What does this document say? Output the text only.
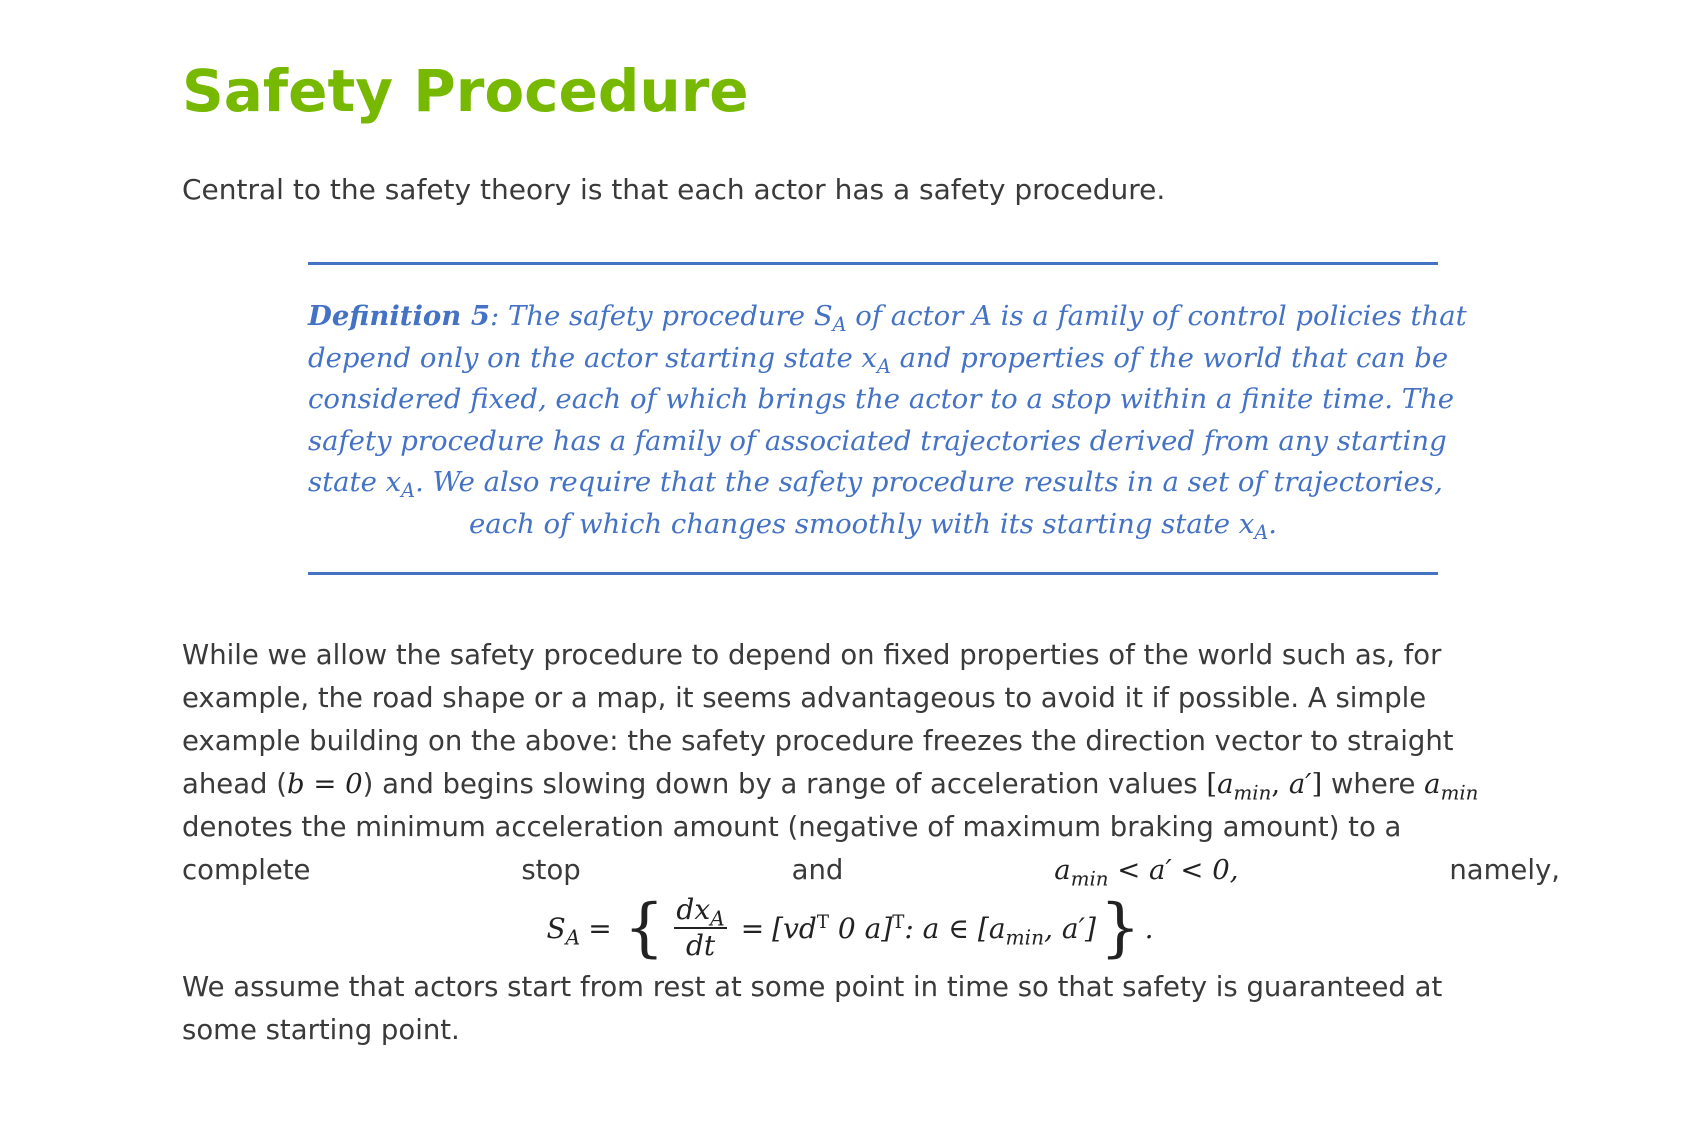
Safety Procedure

Central to the safety theory is that each actor has a safety procedure.

Definition 5: The safety procedure $S_A$ of actor A is a family of control policies that
depend only on the actor starting state $x_A$ and properties of the world that can be
considered fixed, each of which brings the actor to a stop within a finite time. The
safety procedure has a family of associated trajectories derived from any starting
state $x_A$. We also require that the safety procedure results in a set of trajectories,
each of which changes smoothly with its starting state $x_A$.
While we allow the safety procedure to depend on fixed properties of the world such as, for
example, the road shape or a map, it seems advantageous to avoid it if possible. A simple
example building on the above: the safety procedure freezes the direction vector to straight
ahead (b = 0) and begins slowing down by a range of acceleration values [$a_{min}$, a′] where $a_{min}$
denotes the minimum acceleration amount (negative of maximum braking amount) to a
complete	stop	and	$a_{min} < a' < 0$,	namely,
$S_A$ = { $\frac{dx_A}{dt} = [vd^T$ 0 a]$^T$: a ∈ [$a_{min}$, a′] } .
We assume that actors start from rest at some point in time so that safety is guaranteed at
some starting point.
